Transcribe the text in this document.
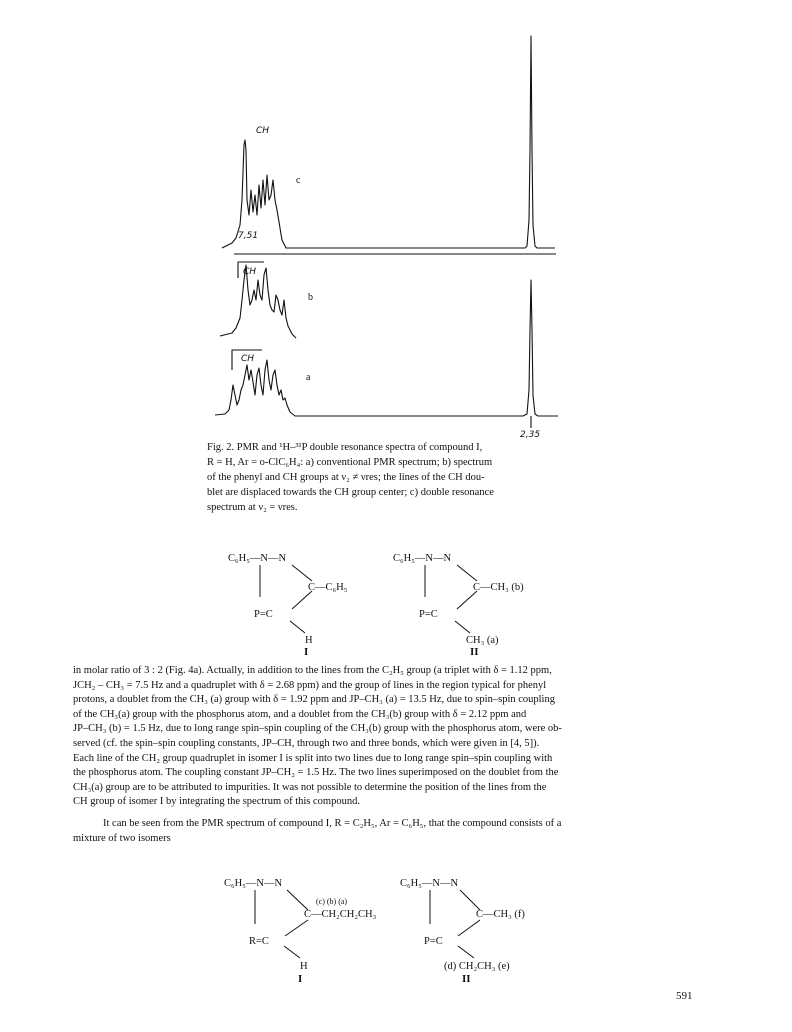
CH
CH
CH
7,51
2,35
c
b
a

Fig. 2. PMR and ¹H–³¹P double resonance spectra of compound I,

R = H, Ar = o-ClC₆H₄: a) conventional PMR spectrum; b) spectrum

of the phenyl and CH groups at ν₂ ≠ νres; the lines of the CH dou-

blet are displaced towards the CH group center; c) double resonance

spectrum at ν₂ = νres.

C₆H₅—N—N
C—C₆H₅
P=C
H
I
C₆H₅—N—N
C—CH₃ (b)
P=C
CH₃ (a)
II

in molar ratio of 3 : 2 (Fig. 4a). Actually, in addition to the lines from the C₂H₅ group (a triplet with δ = 1.12 ppm,

JCH₂ – CH₃ = 7.5 Hz and a quadruplet with δ = 2.68 ppm) and the group of lines in the region typical for phenyl

protons, a doublet from the CH₃ (a) group with δ = 1.92 ppm and JP–CH₃ (a) = 13.5 Hz, due to spin–spin coupling

of the CH₃(a) group with the phosphorus atom, and a doublet from the CH₃(b) group with δ = 2.12 ppm and

JP–CH₃ (b) = 1.5 Hz, due to long range spin–spin coupling of the CH₃(b) group with the phosphorus atom, were ob-

served (cf. the spin–spin coupling constants, JP–CH, through two and three bonds, which were given in [4, 5]).

Each line of the CH₂ group quadruplet in isomer I is split into two lines due to long range spin–spin coupling with

the phosphorus atom. The coupling constant JP–CH₂ = 1.5 Hz. The two lines superimposed on the doublet from the

CH₃(a) group are to be attributed to impurities. It was not possible to determine the position of the lines from the

CH group of isomer I by integrating the spectrum of this compound.

It can be seen from the PMR spectrum of compound I, R = C₂H₅, Ar = C₆H₅, that the compound consists of a

mixture of two isomers

C₆H₅—N—N
(c) (b) (a)
C—CH₂CH₂CH₃
R=C
H
I
C₆H₅—N—N
C—CH₃ (f)
P=C
(d) CH₂CH₃ (e)
II
591
